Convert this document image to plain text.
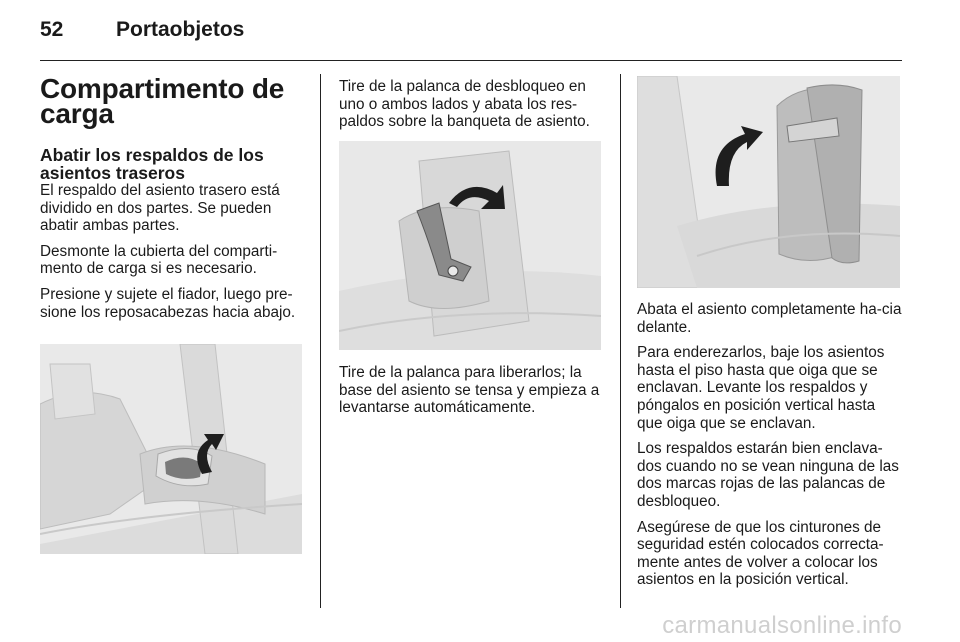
52	Portaobjetos
Compartimento de carga
Abatir los respaldos de los asientos traseros

El respaldo del asiento trasero está dividido en dos partes. Se pueden abatir ambas partes.

Desmonte la cubierta del comparti-mento de carga si es necesario.

Presione y sujete el fiador, luego pre-sione los reposacabezas hacia abajo.

Tire de la palanca de desbloqueo en uno o ambos lados y abata los res-paldos sobre la banqueta de asiento.

Tire de la palanca para liberarlos; la base del asiento se tensa y empieza a levantarse automáticamente.

Abata el asiento completamente ha-cia delante.

Para enderezarlos, baje los asientos hasta el piso hasta que oiga que se enclavan. Levante los respaldos y póngalos en posición vertical hasta que oiga que se enclavan.

Los respaldos estarán bien enclava-dos cuando no se vean ninguna de las dos marcas rojas de las palancas de desbloqueo.

Asegúrese de que los cinturones de seguridad estén colocados correcta-mente antes de volver a colocar los asientos en la posición vertical.

carmanualsonline.info
